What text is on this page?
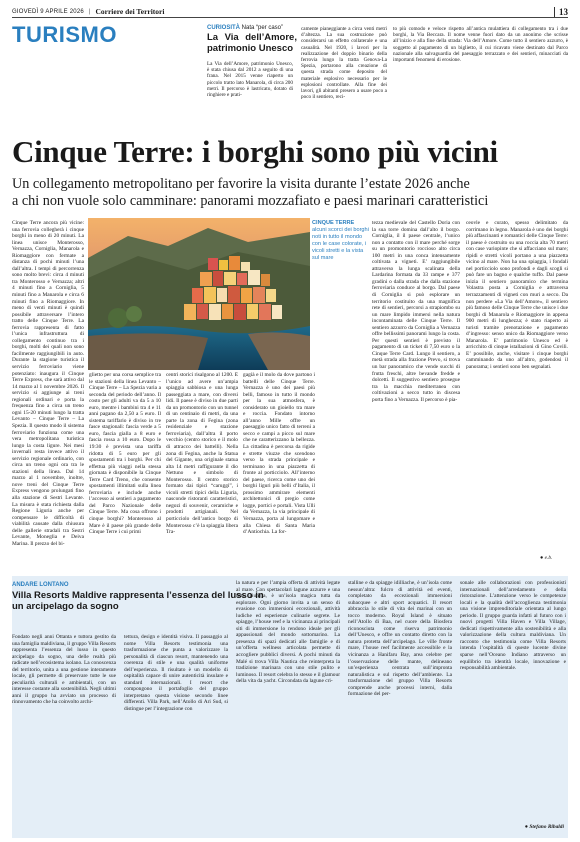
GIOVEDÌ 9 APRILE 2026 | Corriere dei Territori	13
TURISMO	CURIOSITÀ Nata “per caso”
La Via dell’Amore, patrimonio Unesco
La Via dell’Amore, patrimonio Unesco, è stata chiusa dal 2012 a seguito di una frana. Nel 2015 venne riaperto un piccolo tratto lato Manarola, di circa 200 metri. Il percorso è lastricato, dotato di ringhiere e prati-
camente pianeggiante a circa venti metri d’altezza. La sua costruzione può considerarsi un effetto collaterale e una casualità. Nel 1920, i lavori per la realizzazione del doppio binario della ferrovia lungo la tratta Genova-La Spezia, portarono alla creazione di questa strada come deposito del materiale esplosivo necessario per le esplosioni controllate. Alla fine dei lavori, gli abitanti presero a usare poco a poco il sentiero, reci-
to più comodo e veloce rispetto all’antica mulattiera di collegamento tra i due borghi, la Via Beccara. Il nome venne fuori dato da un anonimo che scrisse all’inizio e alla fine della strada: Via dell’Amore. Come tutto il sentiero azzurro, è soggetto al pagamento di un biglietto, il cui ricavato viene destinato dal Parco nazionale alla salvaguardia del paesaggio terrazzato e dei sentieri, minacciati da importanti fenomeni di erosione.
Cinque Terre: i borghi sono più vicini
Un collegamento metropolitano per favorire la visita durante l’estate 2026 anche
a chi non vuole solo camminare: panorami mozzafiato e paesi marinari caratteristici
Cinque Terre ancora più vicine: una ferrovia collegherà i cinque borghi in meno di 20 minuti. La linea unisce Monterosso, Vernazza, Corniglia, Manarola e Riomaggiore con fermate a distanza di pochi minuti l’una dall’altra. I tempi di percorrenza sono molto brevi: circa 4 minuti tra Monterosso e Vernazza; altri 4 minuti fino a Corniglia, 5 minuti fino a Manarola e circa 6 minuti fino a Riomaggiore. In meno di venti minuti è quindi possibile attraversare l’intero tratto delle Cinque Terre. La ferrovia rappresenta di fatto l’unica infrastruttura di collegamento continuo tra i borghi, molti dei quali non sono facilmente raggiungibili in auto. Durante la stagione turistica il servizio ferroviario viene potenziato: inaugura il Cinque Terre Express, che sarà attivo dal 14 marzo al 1 novembre 2026. Il servizio si aggiunge ai treni regionali ordinari e porta la frequenza fino a circa un treno ogni 15-20 minuti lungo la tratta Levanto – Cinque Terre – La Spezia. Il questo modo il sistema ferroviario funziona come una vera metropolitana turistica lungo la costa ligure. Nei mesi invernali resta invece attivo il servizio regionale ordinario, con circa un treno ogni ora tra le stazioni della linea. Dal 14 marzo al 1 novembre, inoltre, nove treni del Cinque Terre Express vengono prolungati fino alla stazione di Sestri Levante. La misura è stata richiesta dalla Regione Liguria anche per compensare le difficoltà di viabilità causate dalla chiusura delle gallerie stradali tra Sestri Levante, Moneglia e Deiva Marina. Il prezzo del bi-
glietto per una corsa semplice tra le stazioni della linea Levanto – Cinque Terre – La Spezia varia a seconda del periodo dell’anno. Il costo per gli adulti va da 5 a 10 euro, mentre i bambini tra 4 e 11 anni pagano da 2,50 a 5 euro. Il sistema tariffario è diviso in tre fasce stagionali: fascia verde a 5 euro, fascia gialla a 8 euro e fascia rossa a 10 euro. Dopo le 19:30 è prevista una tariffa ridotta di 5 euro per gli spostamenti tra i borghi. Per chi effettua più viaggi nella stessa giornata è disponibile la Cinque Terre Card Treno, che consente spostamenti illimitati sulla linea ferroviaria e include anche l’accesso ai sentieri a pagamento del Parco Nazionale delle Cinque Terre. Ma cosa offrono i cinque borghi? Monterosso al Mare è il paese più grande delle Cinque Terre i cui primi
centri storici risalgono al 1200. È l’unico ad avere un’ampia spiaggia sabbiosa e una lunga passeggiata a mare, con diversi lidi. Il paese è diviso in due parti da un promontorio con un tunnel di un centinaio di metri, da una parte la zona di Fegina (zona residenziale e stazione ferroviaria), dall’altra il porto vecchio (centro storico e il molo di attracco dei battelli). Nella zona di Fegina, anche la Statua del Gigante, una originale statua alta 14 metri raffigurante il dio Nettuno e simbolo di Monterosso. Il centro storico formato dai tipici “caruggi”, i vicoli stretti tipici della Liguria, nasconde ristoranti caratteristici, negozi di souvenir, ceramiche e prodotti artigianali. Nel porticciolo dell’antico borgo di Monterosso c’è la spiaggia libera Tra-
gagià e il molo da dove partono i battelli delle Cinque Terre. Vernazza è uno dei paesi più belli, famoso in tutto il mondo per la sua atmosfera, è considerato un gioiello tra mare e roccia. Fondato intorno all’anno Mille offre un paesaggio unico fatto di terreni a secco e campi a picco sul mare che ne caratterizzano la bellezza. La cittadina è percorsa da rigide e strette viuzze che scendono verso la strada principale e terminano in una piazzetta di fronte al porticciolo. All’interno del paese, ricerca come uno dei borghi liguri più belli d’Italia, il prossimo ammirare elementi architettonici di pregio come logge, portici e portali. Vista Ulli da Vernazza, la via principale di Vernazza, porta al lungomare e alla Chiesa di Santa Maria d’Antiochia. La for-
tezza medievale del Castello Doria con la sua torre domina dall’alto il borgo. Corniglia, il il paese centrale, l’unico non a contatto con il mare perché sorge su un promontorio roccioso alto circa 100 metri in una conca intensamente coltivata a vigneti. E’ raggiungibile attraverso la lunga scalinata della Lardarina formata da 33 rampe e 377 gradini o dalla strada che dalla stazione ferroviaria conduce al borgo. Dal paese di Corniglia si può esplorare un territorio costituito da una magnifica rete di sentieri, percorsi a strapiombo su un mare limpido immersi nella natura incontaminata delle Cinque Terre. Il sentiero azzurro da Corniglia a Vernazza offre bellissimi panorami lungo la costa. Per questi sentieri è previsto il pagamento di un ticket di 7,50 euro o la Cinque Terre Card. Lungo il sentiero, a metà strada alla frazione Prevo, si trova un bar panoramico che vende succhi di frutta freschi, altre bevande fredde e dolcetti. Il suggestivo sentiero prosegue tra la macchia mediterranea con coltivazioni a secco tutto in discesa porta fino a Vernazza. Il percorso è pia-
ceovle e curato, spesso delimitato da corrimano in legno. Manarola è uno dei borghi più affascinanti e romantici delle Cinque Terre: il paese è costruito su una roccia alta 70 metri con case variopinte che si affacciano sul mare; ripidi e stretti vicoli portano a una piazzetta vicino al mare. Non ha una spiaggia, i fondali nel porticciolo sono profondi e dagli scogli si può fare un bagno e qualche tuffo. Dal paese inizia il sentiero panoramico che termina Volastra posta a Corniglia e attraversa terrazzamenti di vigneti con muri a secco. Da non perdere «La Via dell’Amore», il sentiero più famoso delle Cinque Terre che unisce i due borghi di Manarola e Riomaggiore in appena 900 metri di lunghezza; è stato riaperto ai turisti tramite prenotazione e pagamento d’ingresso: senso unico da Riomaggiore verso Manarola. E’ patrimonio Unesco ed è arricchito di cinque istallazioni di Gino Covili. E’ possibile, anche, visitare i cinque borghi camminando da uno all’altro, godendosi il panorama; i sentieri sono ben segnalati.
● e.b.
CINQUE TERRE
alcuni scorci dei borghi noti in tutto il mondo con le case colorate, i vicoli stretti e la vista sul mare
ANDARE LONTANO
Villa Resorts Maldive rappresenta l’essenza del lusso in un arcipelago da sogno
Fondato negli anni Ottanta e tuttora gestito da una famiglia maldiviana, il gruppo Villa Resorts rappresenta l’essenza del lusso in questo arcipelago da sogno, una delle realtà più radicate nell’ecosistema isolano. La conoscenza del territorio, unita a una gestione interamente locale, gli permette di preservare tutte le sue peculiarità culturali e ambientali, con un interesse costante alla sostenibilità. Negli ultimi anni il gruppo ha avviato un processo di rinnovamento che ha coinvolto archi-
tettura, design e identità visiva. Il passaggio al nome Villa Resorts testimonia una trasformazione che punta a valorizzare la personalità di ciascun resort, mantenendo una coerenza di stile e una qualità uniforme dell’esperienza. Il risultato è un modello di ospitalità capace di unire autenticità insulare e standard internazionali. I resort che compongono il portafoglio del gruppo interpretano questa visione secondo linee differenti. Villa Park, nell’Atollo di Ari Sud, si distingue per l’integrazione con
la natura e per l’ampia offerta di attività legate al mare. Con spettacolari lagune azzurre e una fitta giungla, è un’isola magica tutta da esplorare. Ogni giorno invita a un senso di evasione con immersioni eccezionali, attività ludiche ed esperienze culinarie segrete. Le spiagge, l’house reef e la vicinanza ai principali siti di immersione lo rendono ideale per gli appassionati del mondo sottomarino. La presenza di spazi dedicati alle famiglie e di un’offerta wellness articolata permette di accogliere pubblici diversi. A pochi minuti da Malé si trova Villa Nautica che reinterpreta la tradizione marinara con uno stile pulito e luminoso. Il resort celebra lo stesso e il glamour della vita da yacht. Circondata da lagune cri-
stalline e da spiagge idilliache, è un’isola come nessun’altra: fulcro di attività ed eventi, completato da eccezionali immersioni subacquee e altri sport acquatici. Il resort abbraccia lo stile di vita dei marinai con un tocco moderno. Royal Island è situato nell’Atollo di Baa, nel cuore della Biosfera riconosciuta come riserva patrimonio dell’Unesco, e offre un contatto diretto con la natura protetta dell’arcipelago. Le ville fronte mare, l’house reef facilmente accessibile e la vicinanza a Hanifaru Bay, area celebre per l’osservazione delle mante, delineano un’esperienza centrata sull’impronta naturalistica e sul rispetto dell’ambiente. La trasformazione del gruppo Villa Resorts comprende anche processi interni, dalla formazione del per-
sonale alle collaborazioni con professionisti internazionali dell’arredamento e della ristorazione. L’attenzione verso le competenze locali e la qualità dell’accoglienza testimonia una visione imprenditoriale orientata al lungo periodo. Il gruppo guarda infatti al futuro con i nuovi progetti Villa Haven e Villa Village, dedicati rispettivamente alla sostenibilità e alla valorizzazione della cultura maldiviana. Un racconto che testimonia come Villa Resorts intenda l’ospitalità di queste lucente divine sparse nell’Oceano Indiano attraverso un equilibrio tra identità locale, innovazione e responsabilità ambientale.
● Stefano Ribaldi
